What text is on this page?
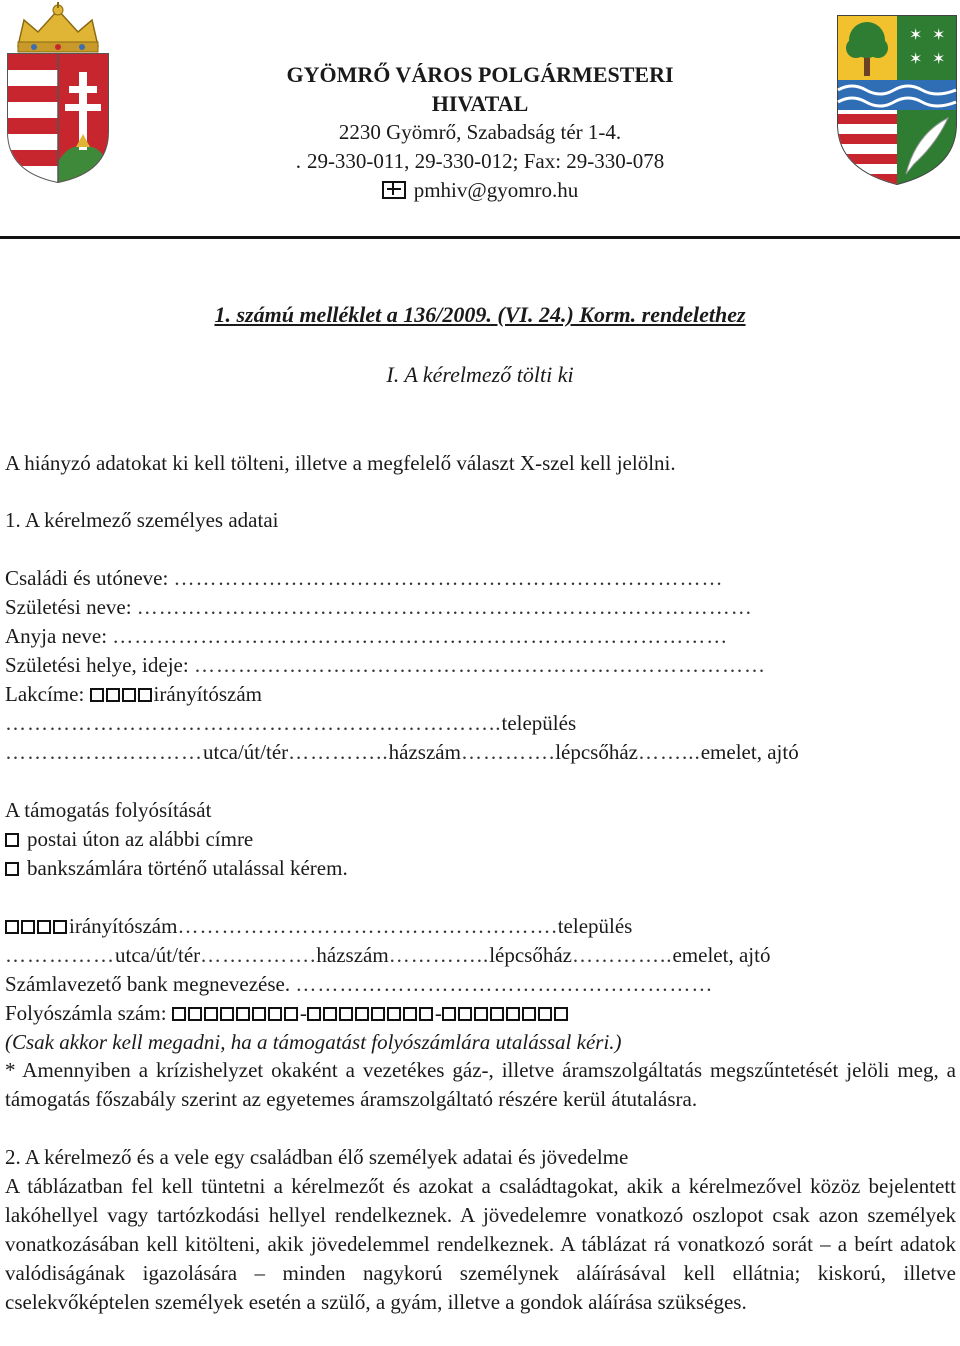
✶ ✶
✶ ✶
GYÖMRŐ VÁROS POLGÁRMESTERI
HIVATAL
2230 Gyömrő, Szabadság tér 1-4.
. 29-330-011, 29-330-012; Fax: 29-330-078
pmhiv@gyomro.hu
1. számú melléklet a 136/2009. (VI. 24.) Korm. rendelethez
I. A kérelmező tölti ki
A hiányzó adatokat ki kell tölteni, illetve a megfelelő választ X-szel kell jelölni.
1. A kérelmező személyes adatai
Családi és utóneve: …………………………………………………………………
Születési neve: …………………………………………………………………………
Anyja neve: …………………………………………………………………………
Születési helye, ideje: ……………………………………………………………………
Lakcíme:	irányítószám
…………………………………………………………..település
………………………utca/út/tér…………..házszám………….lépcsőház……...emelet, ajtó
A támogatás folyósítását
postai úton az alábbi címre
bankszámlára történő utalással kérem.
irányítószám…………………………………………….település
……………utca/út/tér…………….házszám…………..lépcsőház…………..emelet, ajtó
Számlavezető bank megnevezése. …………………………………………………
Folyószámla szám:	-	-
(Csak akkor kell megadni, ha a támogatást folyószámlára utalással kéri.)
* Amennyiben a krízishelyzet okaként a vezetékes gáz-, illetve áramszolgáltatás megszűntetését jelöli meg, a támogatás főszabály szerint az egyetemes áramszolgáltató részére kerül átutalásra.
2. A kérelmező és a vele egy családban élő személyek adatai és jövedelme
A táblázatban fel kell tüntetni a kérelmezőt és azokat a családtagokat, akik a kérelmezővel közöz bejelentett lakóhellyel vagy tartózkodási hellyel rendelkeznek. A jövedelemre vonatkozó oszlopot csak azon személyek vonatkozásában kell kitölteni, akik jövedelemmel rendelkeznek. A táblázat rá vonatkozó sorát – a beírt adatok valódiságának igazolására – minden nagykorú személynek aláírásával kell ellátnia; kiskorú, illetve cselekvőképtelen személyek esetén a szülő, a gyám, illetve a gondok aláírása szükséges.
